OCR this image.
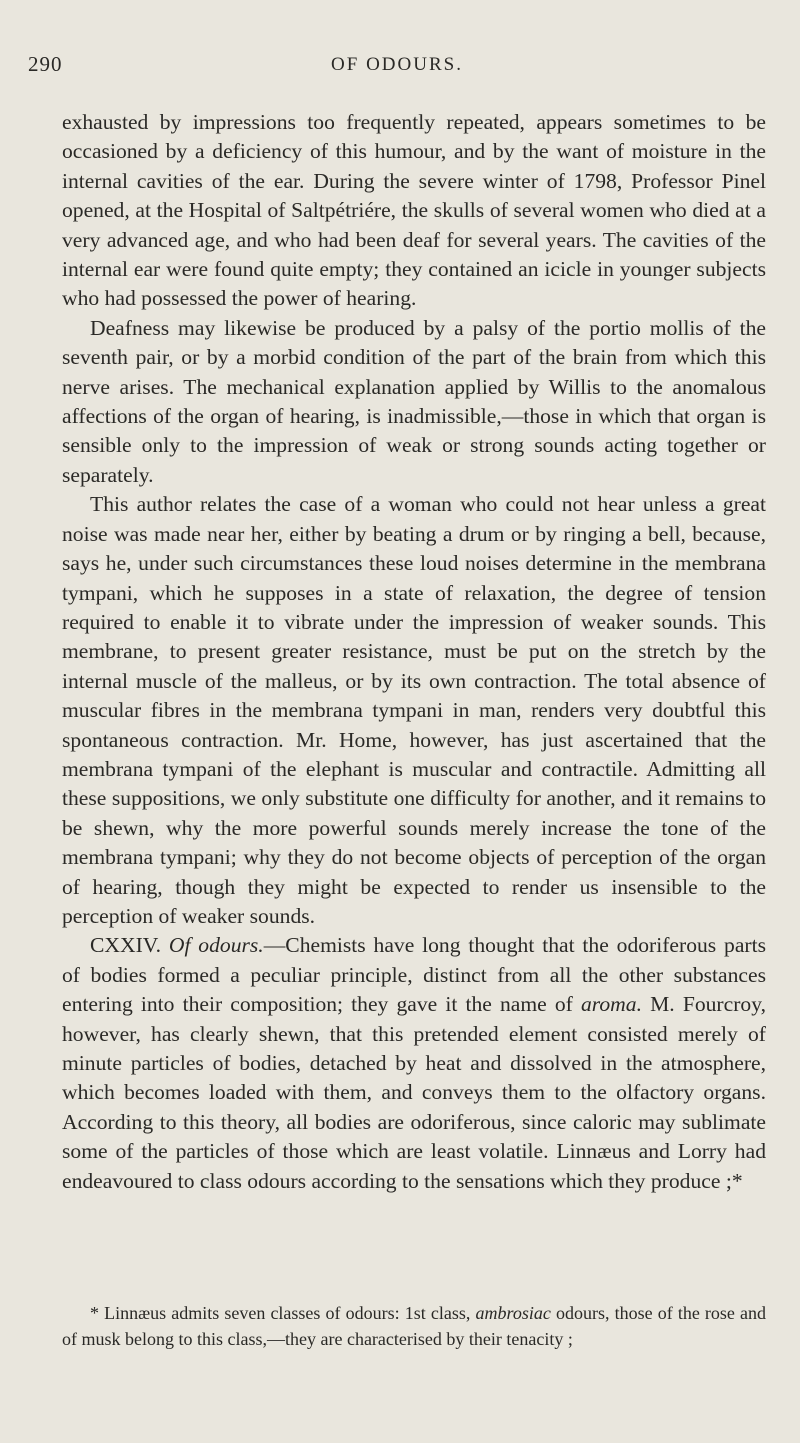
290	OF ODOURS.

exhausted by impressions too frequently repeated, appears sometimes to be occasioned by a deficiency of this humour, and by the want of moisture in the internal cavities of the ear. During the severe winter of 1798, Professor Pinel opened, at the Hospital of Saltpétriére, the skulls of several women who died at a very advanced age, and who had been deaf for several years. The cavities of the internal ear were found quite empty; they contained an icicle in younger subjects who had possessed the power of hearing.

Deafness may likewise be produced by a palsy of the portio mollis of the seventh pair, or by a morbid condition of the part of the brain from which this nerve arises. The mechanical explanation applied by Willis to the anomalous affections of the organ of hearing, is inadmissible,—those in which that organ is sensible only to the impression of weak or strong sounds acting together or separately.

This author relates the case of a woman who could not hear unless a great noise was made near her, either by beating a drum or by ringing a bell, because, says he, under such circumstances these loud noises determine in the membrana tympani, which he supposes in a state of relaxation, the degree of tension required to enable it to vibrate under the impression of weaker sounds. This membrane, to present greater resistance, must be put on the stretch by the internal muscle of the malleus, or by its own contraction. The total absence of muscular fibres in the membrana tympani in man, renders very doubtful this spontaneous contraction. Mr. Home, however, has just ascertained that the membrana tympani of the elephant is muscular and contractile. Admitting all these suppositions, we only substitute one difficulty for another, and it remains to be shewn, why the more powerful sounds merely increase the tone of the membrana tympani; why they do not become objects of perception of the organ of hearing, though they might be expected to render us insensible to the perception of weaker sounds.

CXXIV. Of odours.—Chemists have long thought that the odoriferous parts of bodies formed a peculiar principle, distinct from all the other substances entering into their composition; they gave it the name of aroma. M. Fourcroy, however, has clearly shewn, that this pretended element consisted merely of minute particles of bodies, detached by heat and dissolved in the atmosphere, which becomes loaded with them, and conveys them to the olfactory organs. According to this theory, all bodies are odoriferous, since caloric may sublimate some of the particles of those which are least volatile. Linnæus and Lorry had endeavoured to class odours according to the sensations which they produce ;*

* Linnæus admits seven classes of odours: 1st class, ambrosiac odours, those of the rose and of musk belong to this class,—they are characterised by their tenacity ;
